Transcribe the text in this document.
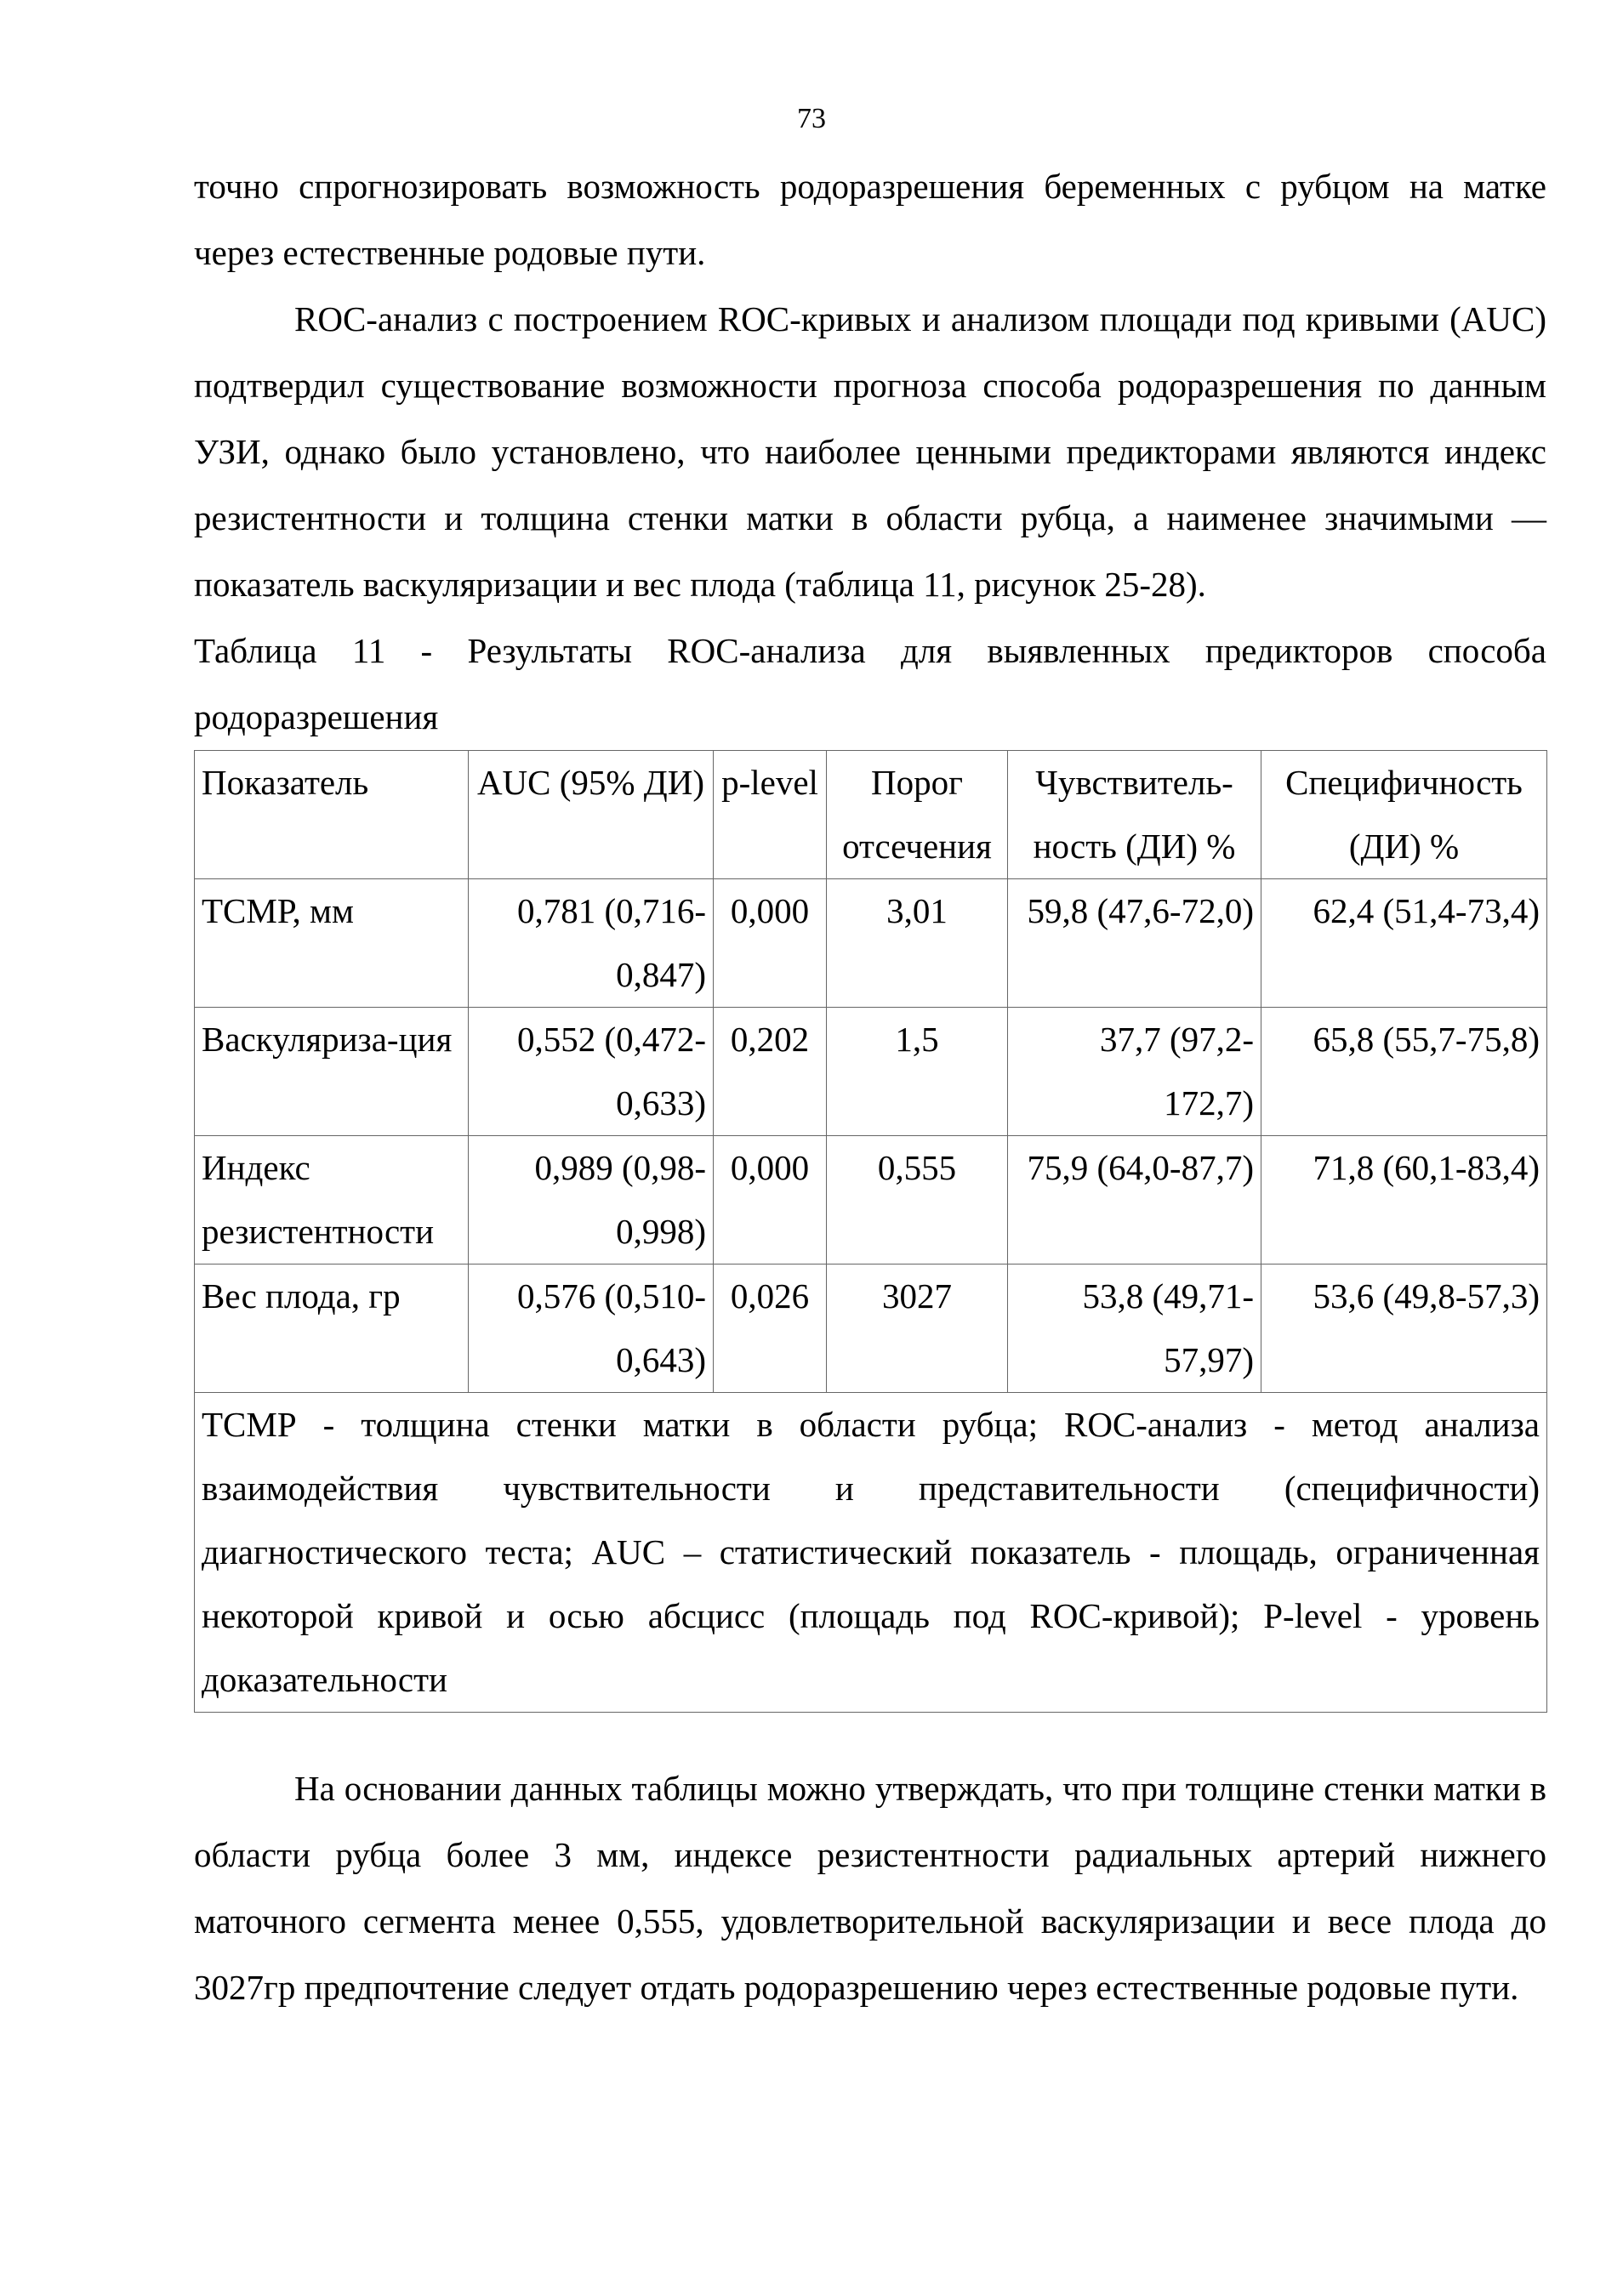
73

точно спрогнозировать возможность родоразрешения беременных с рубцом на матке через естественные родовые пути.

ROC-анализ с построением ROC-кривых и анализом площади под кривыми (AUC) подтвердил существование возможности прогноза способа родоразрешения по данным УЗИ, однако было установлено, что наиболее ценными предикторами являются индекс резистентности и толщина стенки матки в области рубца, а наименее значимыми — показатель васкуляризации и вес плода (таблица 11, рисунок 25-28).

Таблица 11 - Результаты ROC-анализа для выявленных предикторов способа родоразрешения

Показатель	AUC (95% ДИ)	p-level	Порог отсечения	Чувствитель-ность (ДИ) %	Специфичность (ДИ) %
ТСМР, мм	0,781 (0,716-0,847)	0,000	3,01	59,8 (47,6-72,0)	62,4 (51,4-73,4)
Васкуляриза-ция	0,552 (0,472-0,633)	0,202	1,5	37,7 (97,2-172,7)	65,8 (55,7-75,8)
Индекс резистентности	0,989 (0,98-0,998)	0,000	0,555	75,9 (64,0-87,7)	71,8 (60,1-83,4)
Вес плода, гр	0,576 (0,510-0,643)	0,026	3027	53,8 (49,71-57,97)	53,6 (49,8-57,3)
ТСМР - толщина стенки матки в области рубца; ROC-анализ - метод анализа взаимодействия чувствительности и представительности (специфичности) диагностического теста; AUC – статистический показатель - площадь, ограниченная некоторой кривой и осью абсцисс (площадь под ROC-кривой); P-level - уровень доказательности					

На основании данных таблицы можно утверждать, что при толщине стенки матки в области рубца более 3 мм, индексе резистентности радиальных артерий нижнего маточного сегмента менее 0,555, удовлетворительной васкуляризации и весе плода до 3027гр предпочтение следует отдать родоразрешению через естественные родовые пути.
